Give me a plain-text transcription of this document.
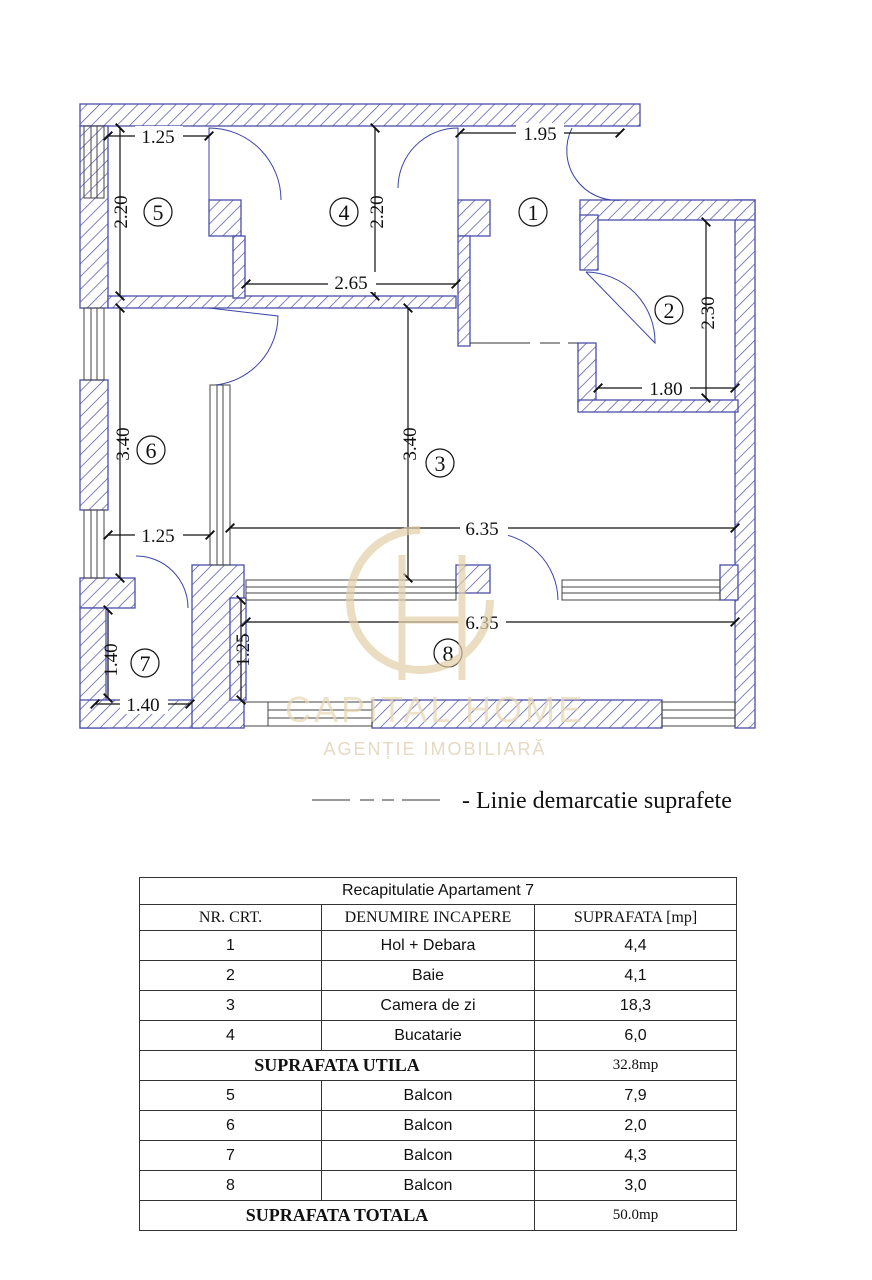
1.25	1.95
2.20	2.20
2.65
2.30
1.80
3.40	3.40
1.25	6.35
6.35
1.25
1.40
1.40
1
2
3
4
5
6
7	8
CAPITAL HOME
AGENȚIE IMOBILIARĂ
- Linie demarcatie suprafete
Recapitulatie Apartament 7		
NR. CRT.	DENUMIRE INCAPERE	SUPRAFATA [mp]
1	Hol + Debara	4,4
2	Baie	4,1
3	Camera de zi	18,3
4	Bucatarie	6,0
SUPRAFATA UTILA		32.8mp
5	Balcon	7,9
6	Balcon	2,0
7	Balcon	4,3
8	Balcon	3,0
SUPRAFATA TOTALA		50.0mp
